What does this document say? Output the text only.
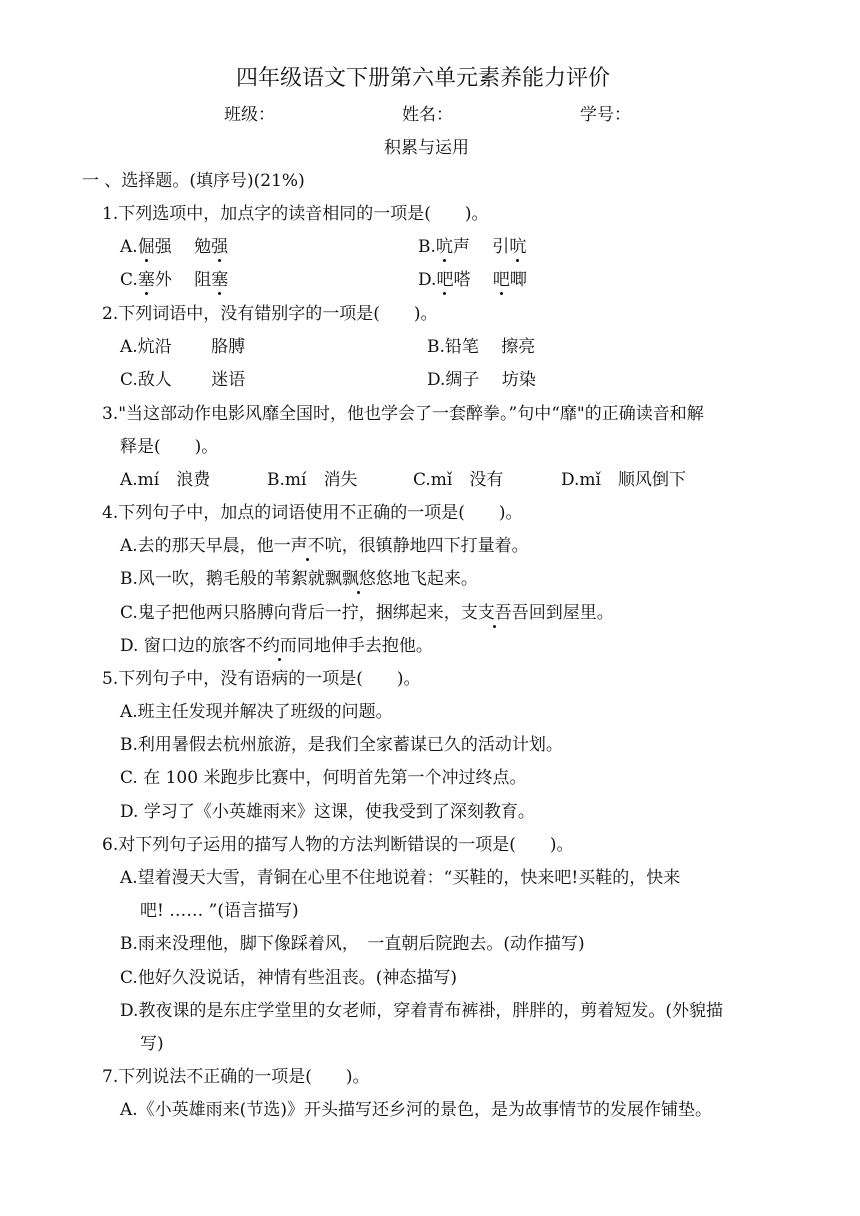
四年级语文下册第六单元素养能力评价
班级：	姓名：	学号：
积累与运用
一 、选择题。(填序号)(21%)
1.下列选项中，加点字的读音相同的一项是(　　)。
A.倔强　 勉强	B.吭声　 引吭
C.塞外　 阻塞	D.吧嗒　 吧唧
2.下列词语中，没有错别字的一项是(　　)。
A.炕沿　　 胳膊	B.铅笔　 擦亮
C.敌人　　 迷语	D.绸子　 坊染
3."当这部动作电影风靡全国时，他也学会了一套醉拳。”句中“靡"的正确读音和解
释是(　　)。
A.mí　浪费	B.mí　消失	C.mǐ　没有	D.mǐ　顺风倒下
4.下列句子中，加点的词语使用不正确的一项是(　　)。
A.去的那天早晨，他一声不吭，很镇静地四下打量着。
B.风一吹，鹅毛般的苇絮就飘飘悠悠地飞起来。
C.鬼子把他两只胳膊向背后一拧，捆绑起来，支支吾吾回到屋里。
D. 窗口边的旅客不约而同地伸手去抱他。
5.下列句子中，没有语病的一项是(　　)。
A.班主任发现并解决了班级的问题。
B.利用暑假去杭州旅游，是我们全家蓄谋已久的活动计划。
C. 在 100 米跑步比赛中，何明首先第一个冲过终点。
D. 学习了《小英雄雨来》这课，使我受到了深刻教育。
6.对下列句子运用的描写人物的方法判断错误的一项是(　　)。
A.望着漫天大雪，青铜在心里不住地说着：“买鞋的，快来吧!买鞋的，快来
吧! …… ”(语言描写)
B.雨来没理他，脚下像踩着风，　一直朝后院跑去。(动作描写)
C.他好久没说话，神情有些沮丧。(神态描写)
D.教夜课的是东庄学堂里的女老师，穿着青布裤褂，胖胖的，剪着短发。(外貌描
写)
7.下列说法不正确的一项是(　　)。
A.《小英雄雨来(节选)》开头描写还乡河的景色，是为故事情节的发展作铺垫。
